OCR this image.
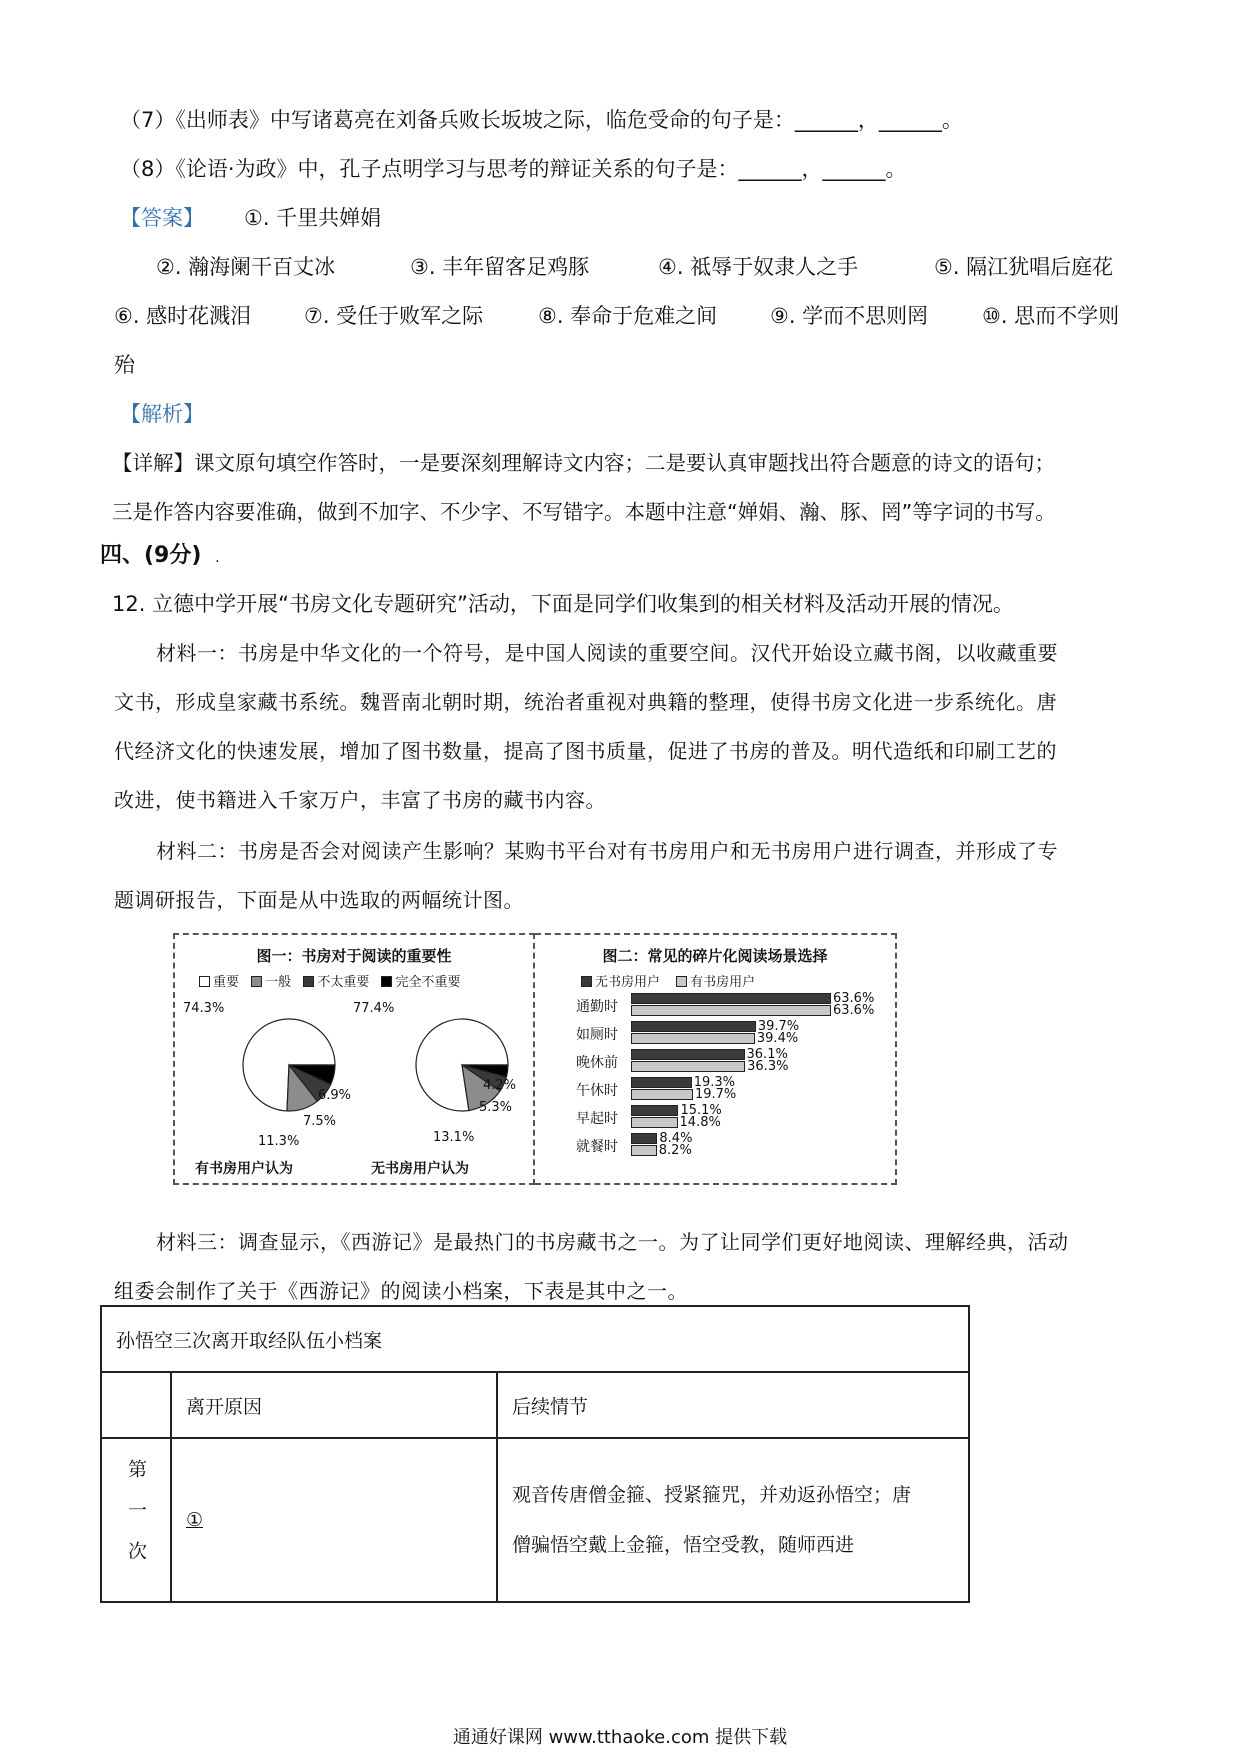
（7）《出师表》中写诸葛亮在刘备兵败长坂坡之际，临危受命的句子是：______，______。
（8）《论语·为政》中，孔子点明学习与思考的辩证关系的句子是：______，______。
【答案】 ①. 千里共婵娟
②. 瀚海阑干百丈冰	③. 丰年留客足鸡豚	④. 祗辱于奴隶人之手	⑤. 隔江犹唱后庭花
⑥. 感时花溅泪	⑦. 受任于败军之际	⑧. 奉命于危难之间	⑨. 学而不思则罔	⑩. 思而不学则
殆
【解析】
【详解】课文原句填空作答时，一是要深刻理解诗文内容；二是要认真审题找出符合题意的诗文的语句；
三是作答内容要准确，做到不加字、不少字、不写错字。本题中注意“婵娟、瀚、豚、罔”等字词的书写。
四、(9分) .
12. 立德中学开展“书房文化专题研究”活动，下面是同学们收集到的相关材料及活动开展的情况。
材料一：书房是中华文化的一个符号，是中国人阅读的重要空间。汉代开始设立藏书阁，以收藏重要
文书，形成皇家藏书系统。魏晋南北朝时期，统治者重视对典籍的整理，使得书房文化进一步系统化。唐
代经济文化的快速发展，增加了图书数量，提高了图书质量，促进了书房的普及。明代造纸和印刷工艺的
改进，使书籍进入千家万户，丰富了书房的藏书内容。
材料二：书房是否会对阅读产生影响？某购书平台对有书房用户和无书房用户进行调查，并形成了专
题调研报告，下面是从中选取的两幅统计图。
图一：书房对于阅读的重要性
重要 一般 不太重要 完全不重要
74.3%
11.3%
7.5%
6.9%
77.4%
13.1%
5.3%
4.2%
有书房用户认为	无书房用户认为
图二：常见的碎片化阅读场景选择
无书房用户 有书房用户
通勤时
63.6%
63.6%
如厕时
39.7%
39.4%
晚休前
36.1%
36.3%
午休时
19.3%
19.7%
早起时
15.1%
14.8%
就餐时
8.4%
8.2%
材料三：调查显示，《西游记》是最热门的书房藏书之一。为了让同学们更好地阅读、理解经典，活动
组委会制作了关于《西游记》的阅读小档案，下表是其中之一。
孙悟空三次离开取经队伍小档案		
	离开原因	后续情节
第一次	①	观音传唐僧金箍、授紧箍咒，并劝返孙悟空；唐
僧骗悟空戴上金箍，悟空受教，随师西进
通通好课网 www.tthaoke.com 提供下载
